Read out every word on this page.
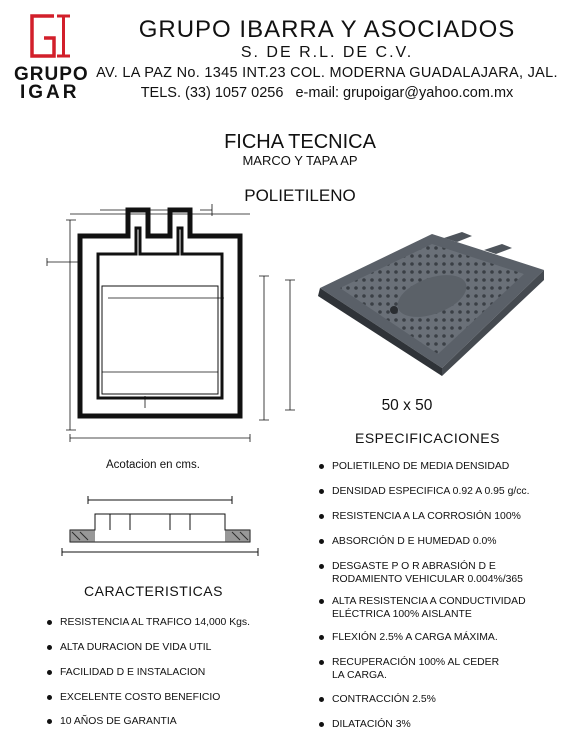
GRUPO
IGAR
GRUPO IBARRA Y ASOCIADOS
S. DE R.L. DE C.V.
AV. LA PAZ No. 1345 INT.23 COL. MODERNA GUADALAJARA, JAL.
TELS. (33) 1057 0256 e-mail: grupoigar@yahoo.com.mx
FICHA TECNICA
MARCO Y TAPA AP
POLIETILENO
Acotacion en cms.
50 x 50
ESPECIFICACIONES
POLIETILENO DE MEDIA DENSIDAD
DENSIDAD ESPECIFICA 0.92 A 0.95 g/cc.
RESISTENCIA A LA CORROSIÓN 100%
ABSORCIÓN D E HUMEDAD 0.0%
DESGASTE P O R ABRASIÓN D E
RODAMIENTO VEHICULAR 0.004%/365
ALTA RESISTENCIA A CONDUCTIVIDAD
ELÉCTRICA 100% AISLANTE
FLEXIÓN 2.5% A CARGA MÁXIMA.
RECUPERACIÓN 100% AL CEDER
LA CARGA.
CONTRACCIÓN 2.5%
DILATACIÓN 3%
CARACTERISTICAS
RESISTENCIA AL TRAFICO 14,000 Kgs.
ALTA DURACION DE VIDA UTIL
FACILIDAD D E INSTALACION
EXCELENTE COSTO BENEFICIO
10 AÑOS DE GARANTIA
